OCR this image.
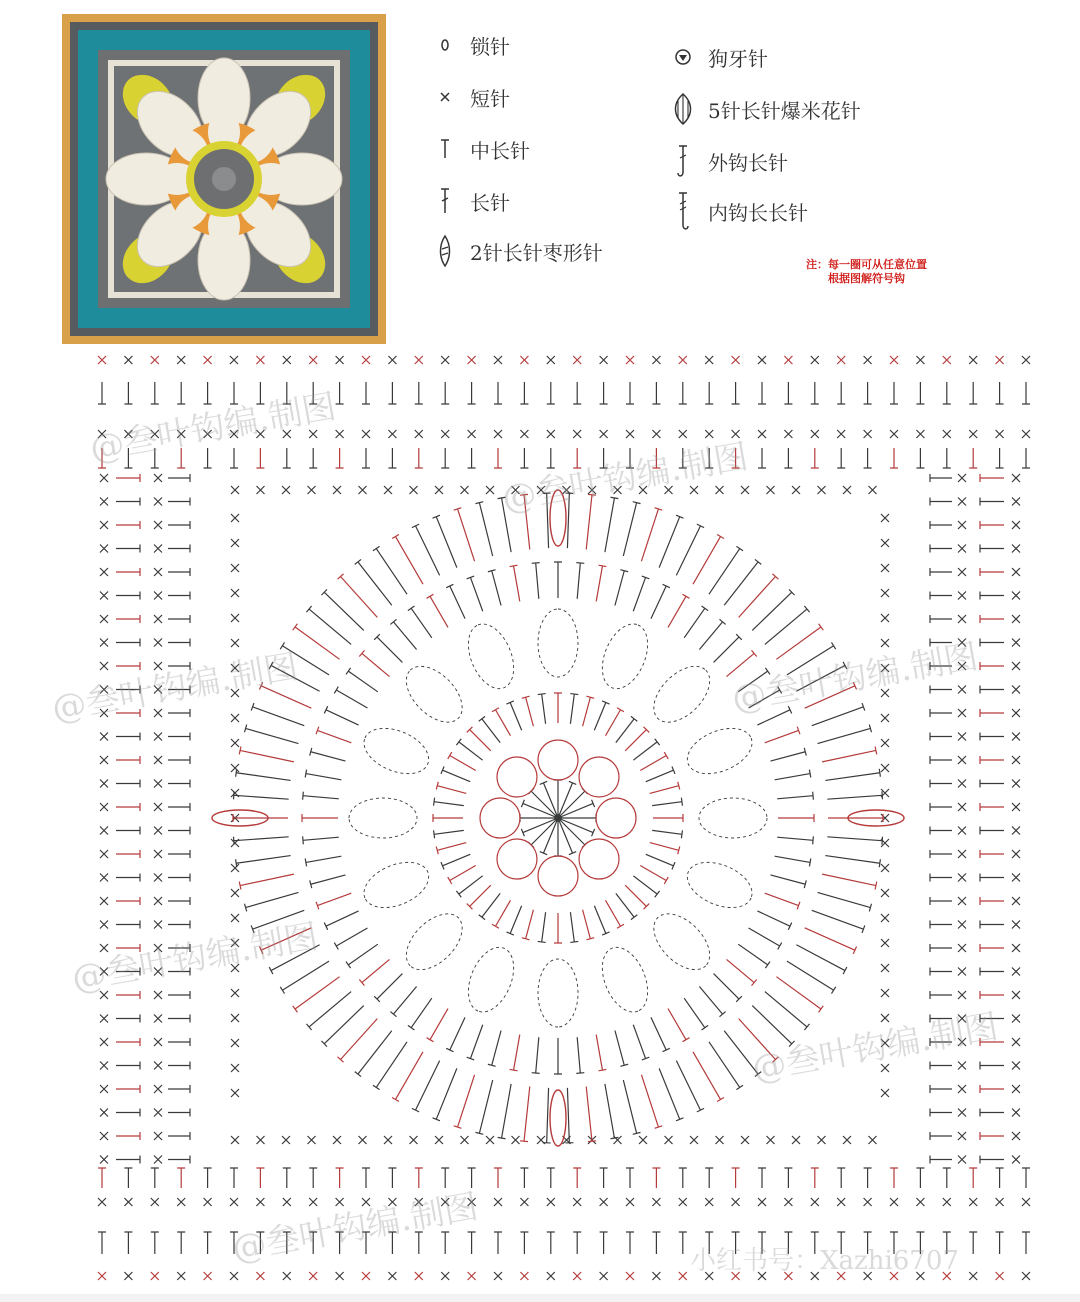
锁针
短针
中长针
长针
2针长针枣形针
狗牙针
5针长针爆米花针
外钩长针
内钩长长针
注：每一圈可从任意位置
根据图解符号钩
@叁叶钩编.制图
@叁叶钩编.制图
@叁叶钩编.制图	@叁叶钩编.制图
@叁叶钩编.制图
@叁叶钩编.制图
@叁叶钩编.制图	小红书号：Xazhi6707
